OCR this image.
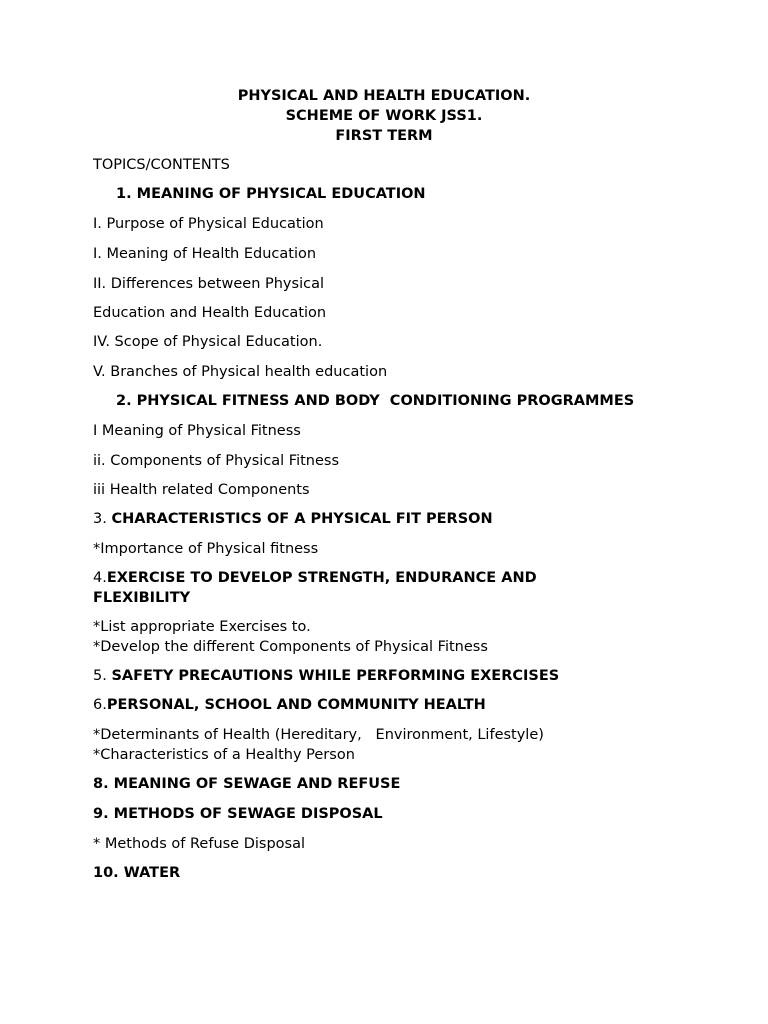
PHYSICAL AND HEALTH EDUCATION.
SCHEME OF WORK JSS1.
FIRST TERM
TOPICS/CONTENTS
1. MEANING OF PHYSICAL EDUCATION
I. Purpose of Physical Education
I. Meaning of Health Education
II. Differences between Physical
Education and Health Education
IV. Scope of Physical Education.
V. Branches of Physical health education
2. PHYSICAL FITNESS AND BODY  CONDITIONING PROGRAMMES
I Meaning of Physical Fitness
ii. Components of Physical Fitness
iii Health related Components
3. CHARACTERISTICS OF A PHYSICAL FIT PERSON
*Importance of Physical fitness
4.EXERCISE TO DEVELOP STRENGTH, ENDURANCE AND
FLEXIBILITY
*List appropriate Exercises to.
*Develop the different Components of Physical Fitness
5. SAFETY PRECAUTIONS WHILE PERFORMING EXERCISES
6.PERSONAL, SCHOOL AND COMMUNITY HEALTH
*Determinants of Health (Hereditary,   Environment, Lifestyle)
*Characteristics of a Healthy Person
8. MEANING OF SEWAGE AND REFUSE
9. METHODS OF SEWAGE DISPOSAL
* Methods of Refuse Disposal
10. WATER
